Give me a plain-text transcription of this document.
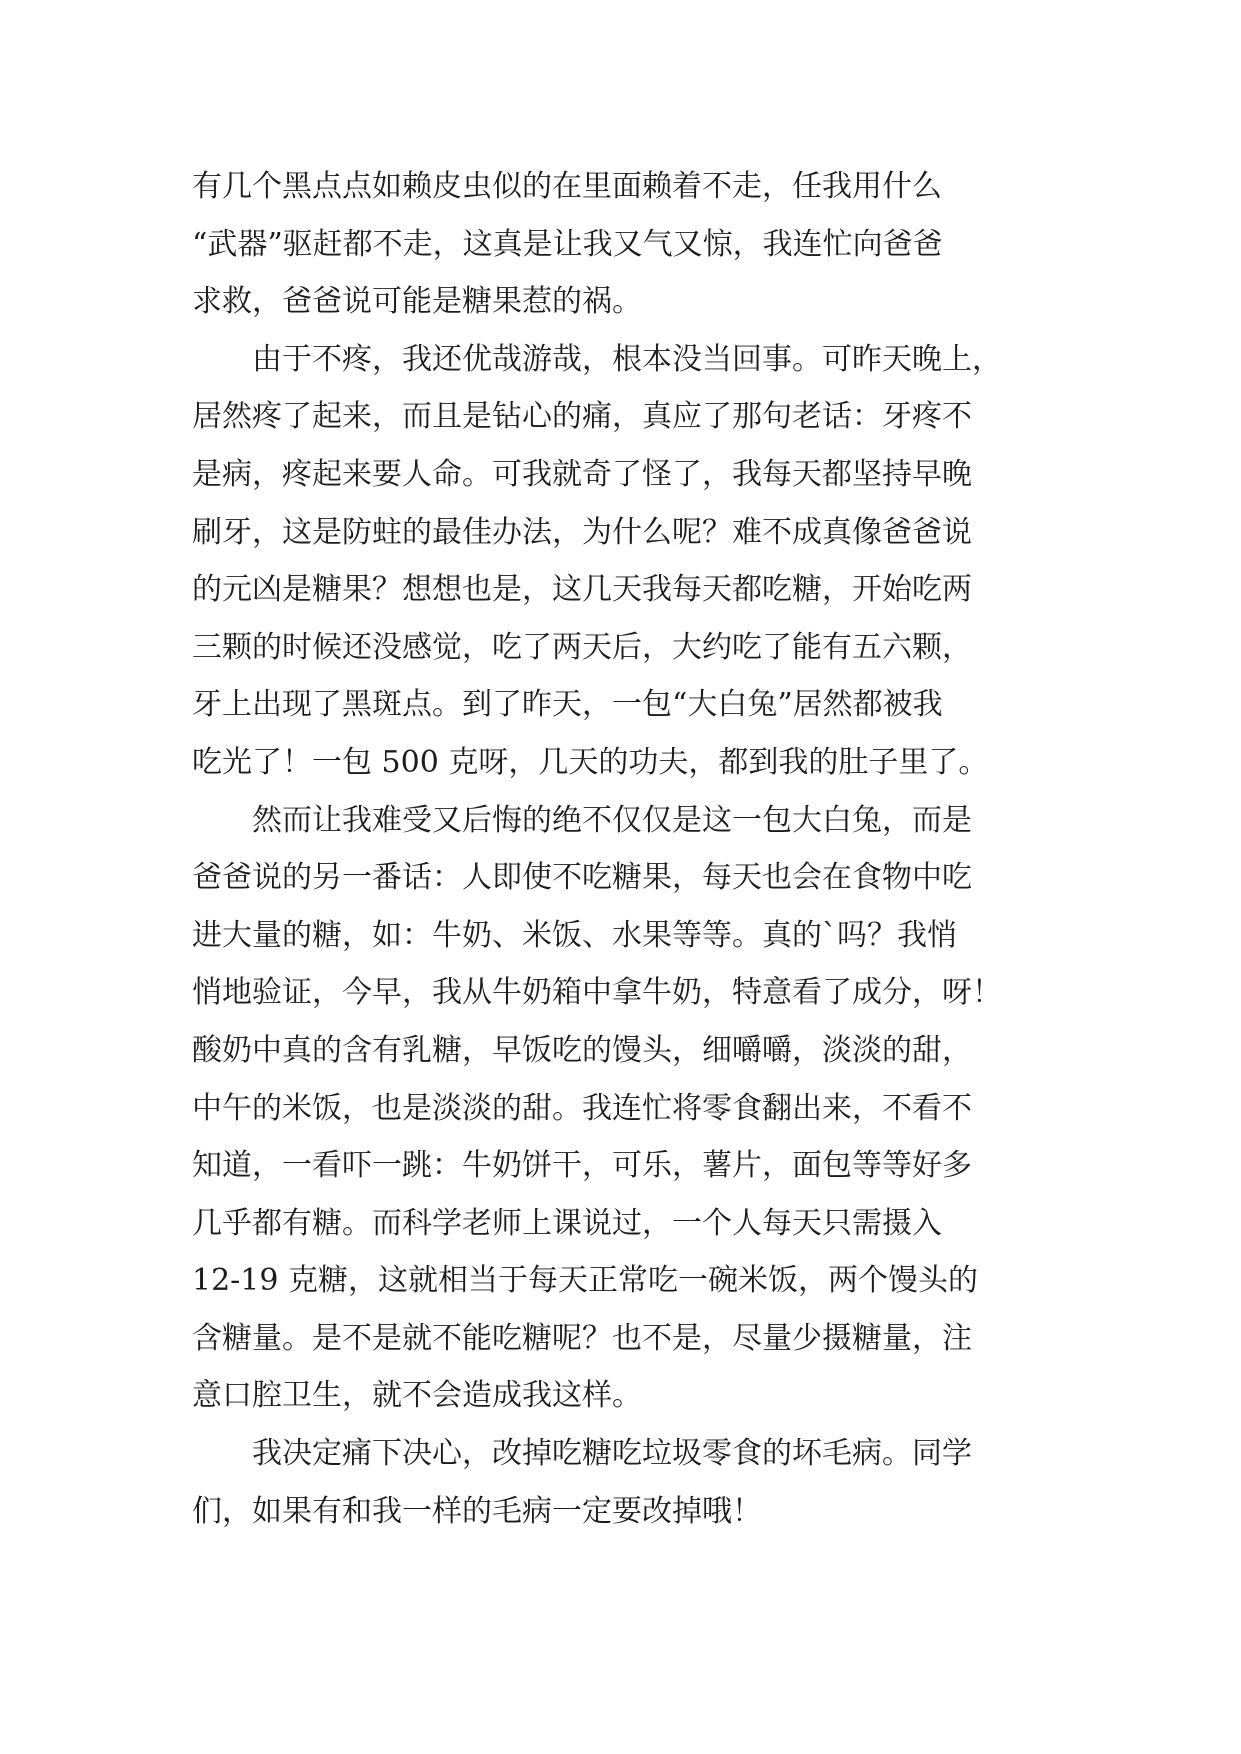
有几个黑点点如赖皮虫似的在里面赖着不走，任我用什么
“武器”驱赶都不走，这真是让我又气又惊，我连忙向爸爸
求救，爸爸说可能是糖果惹的祸。
由于不疼，我还优哉游哉，根本没当回事。可昨天晚上，
居然疼了起来，而且是钻心的痛，真应了那句老话：牙疼不
是病，疼起来要人命。可我就奇了怪了，我每天都坚持早晚
刷牙，这是防蛀的最佳办法，为什么呢？难不成真像爸爸说
的元凶是糖果？想想也是，这几天我每天都吃糖，开始吃两
三颗的时候还没感觉，吃了两天后，大约吃了能有五六颗，
牙上出现了黑斑点。到了昨天，一包“大白兔”居然都被我
吃光了！一包 500 克呀，几天的功夫，都到我的肚子里了。
然而让我难受又后悔的绝不仅仅是这一包大白兔，而是
爸爸说的另一番话：人即使不吃糖果，每天也会在食物中吃
进大量的糖，如：牛奶、米饭、水果等等。真的`吗？我悄
悄地验证，今早，我从牛奶箱中拿牛奶，特意看了成分，呀！
酸奶中真的含有乳糖，早饭吃的馒头，细嚼嚼，淡淡的甜，
中午的米饭，也是淡淡的甜。我连忙将零食翻出来，不看不
知道，一看吓一跳：牛奶饼干，可乐，薯片，面包等等好多
几乎都有糖。而科学老师上课说过，一个人每天只需摄入
12-19 克糖，这就相当于每天正常吃一碗米饭，两个馒头的
含糖量。是不是就不能吃糖呢？也不是，尽量少摄糖量，注
意口腔卫生，就不会造成我这样。
我决定痛下决心，改掉吃糖吃垃圾零食的坏毛病。同学
们，如果有和我一样的毛病一定要改掉哦！
